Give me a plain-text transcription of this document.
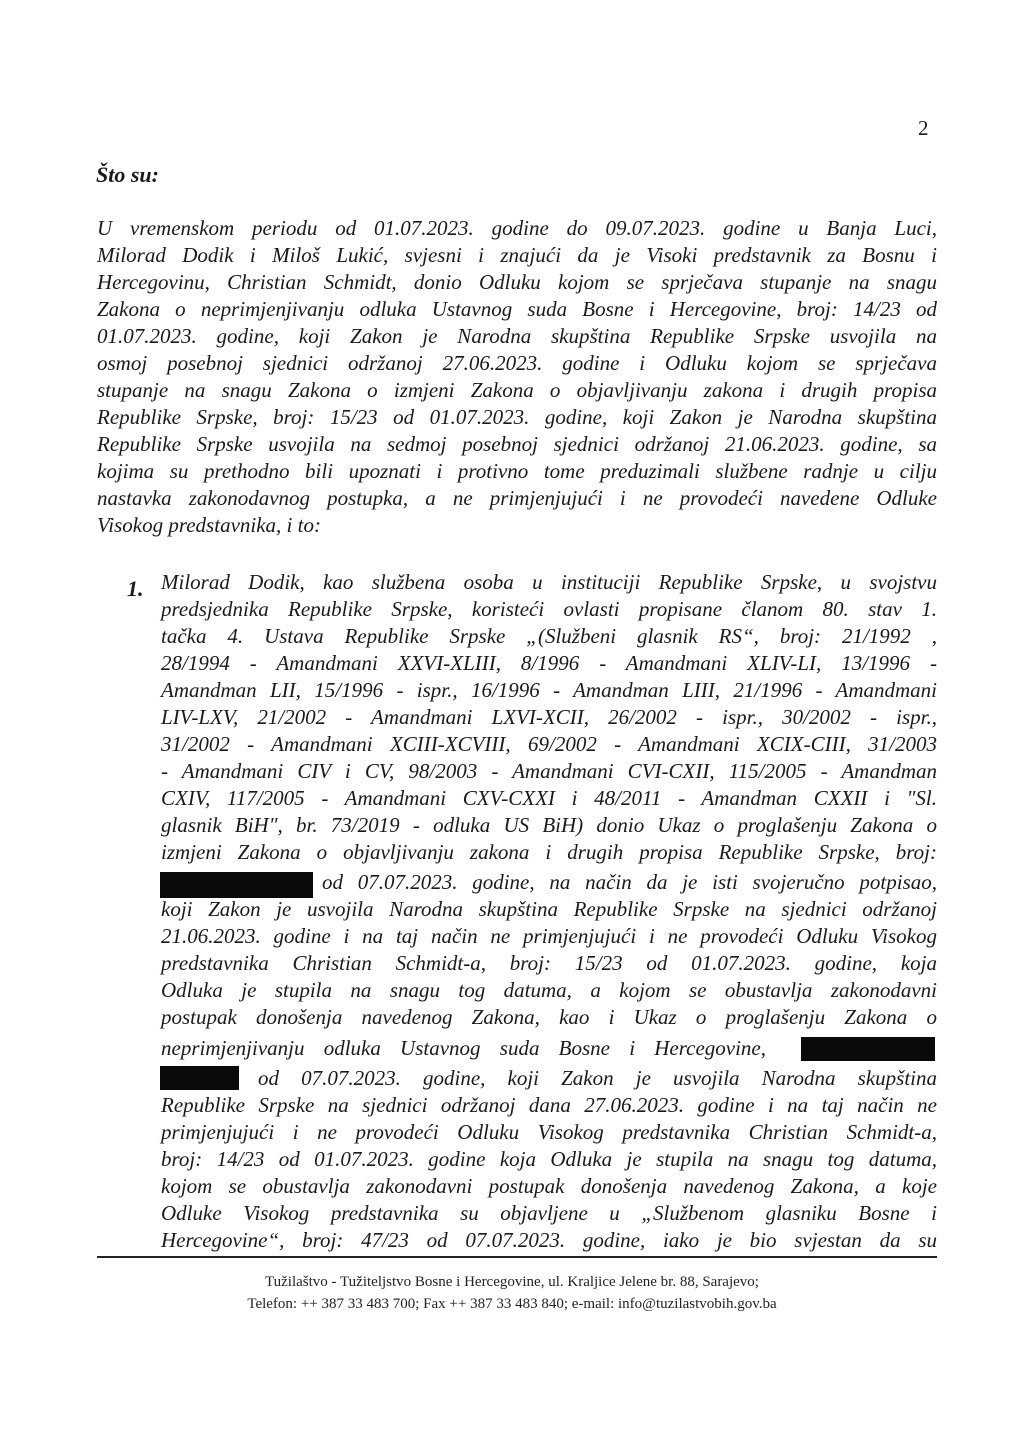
2
Što su:
U vremenskom periodu od 01.07.2023. godine do 09.07.2023. godine u Banja Luci,
Milorad Dodik i Miloš Lukić, svjesni i znajući da je Visoki predstavnik za Bosnu i
Hercegovinu, Christian Schmidt, donio Odluku kojom se sprječava stupanje na snagu
Zakona o neprimjenjivanju odluka Ustavnog suda Bosne i Hercegovine, broj: 14/23 od
01.07.2023. godine, koji Zakon je Narodna skupština Republike Srpske usvojila na
osmoj posebnoj sjednici održanoj 27.06.2023. godine i Odluku kojom se sprječava
stupanje na snagu Zakona o izmjeni Zakona o objavljivanju zakona i drugih propisa
Republike Srpske, broj: 15/23 od 01.07.2023. godine, koji Zakon je Narodna skupština
Republike Srpske usvojila na sedmoj posebnoj sjednici održanoj 21.06.2023. godine, sa
kojima su prethodno bili upoznati i protivno tome preduzimali službene radnje u cilju
nastavka zakonodavnog postupka, a ne primjenjujući i ne provodeći navedene Odluke
Visokog predstavnika, i to:
1. Milorad Dodik, kao službena osoba u instituciji Republike Srpske, u svojstvu
predsjednika Republike Srpske, koristeći ovlasti propisane članom 80. stav 1.
tačka 4. Ustava Republike Srpske „(Službeni glasnik RS“, broj: 21/1992 ,
28/1994 - Amandmani XXVI-XLIII, 8/1996 - Amandmani XLIV-LI, 13/1996 -
Amandman LII, 15/1996 - ispr., 16/1996 - Amandman LIII, 21/1996 - Amandmani
LIV-LXV, 21/2002 - Amandmani LXVI-XCII, 26/2002 - ispr., 30/2002 - ispr.,
31/2002 - Amandmani XCIII-XCVIII, 69/2002 - Amandmani XCIX-CIII, 31/2003
- Amandmani CIV i CV, 98/2003 - Amandmani CVI-CXII, 115/2005 - Amandman
CXIV, 117/2005 - Amandmani CXV-CXXI i 48/2011 - Amandman CXXII i "Sl.
glasnik BiH", br. 73/2019 - odluka US BiH) donio Ukaz o proglašenju Zakona o
izmjeni Zakona o objavljivanju zakona i drugih propisa Republike Srpske, broj:
od 07.07.2023. godine, na način da je isti svojeručno potpisao,
koji Zakon je usvojila Narodna skupština Republike Srpske na sjednici održanoj
21.06.2023. godine i na taj način ne primjenjujući i ne provodeći Odluku Visokog
predstavnika Christian Schmidt-a, broj: 15/23 od 01.07.2023. godine, koja
Odluka je stupila na snagu tog datuma, a kojom se obustavlja zakonodavni
postupak donošenja navedenog Zakona, kao i Ukaz o proglašenju Zakona o
neprimjenjivanju odluka Ustavnog suda Bosne i Hercegovine,
od 07.07.2023. godine, koji Zakon je usvojila Narodna skupština
Republike Srpske na sjednici održanoj dana 27.06.2023. godine i na taj način ne
primjenjujući i ne provodeći Odluku Visokog predstavnika Christian Schmidt-a,
broj: 14/23 od 01.07.2023. godine koja Odluka je stupila na snagu tog datuma,
kojom se obustavlja zakonodavni postupak donošenja navedenog Zakona, a koje
Odluke Visokog predstavnika su objavljene u „Službenom glasniku Bosne i
Hercegovine“, broj: 47/23 od 07.07.2023. godine, iako je bio svjestan da su
Tužilaštvo - Tužiteljstvo Bosne i Hercegovine, ul. Kraljice Jelene br. 88, Sarajevo;
Telefon: ++ 387 33 483 700; Fax ++ 387 33 483 840; e-mail: info@tuzilastvobih.gov.ba
